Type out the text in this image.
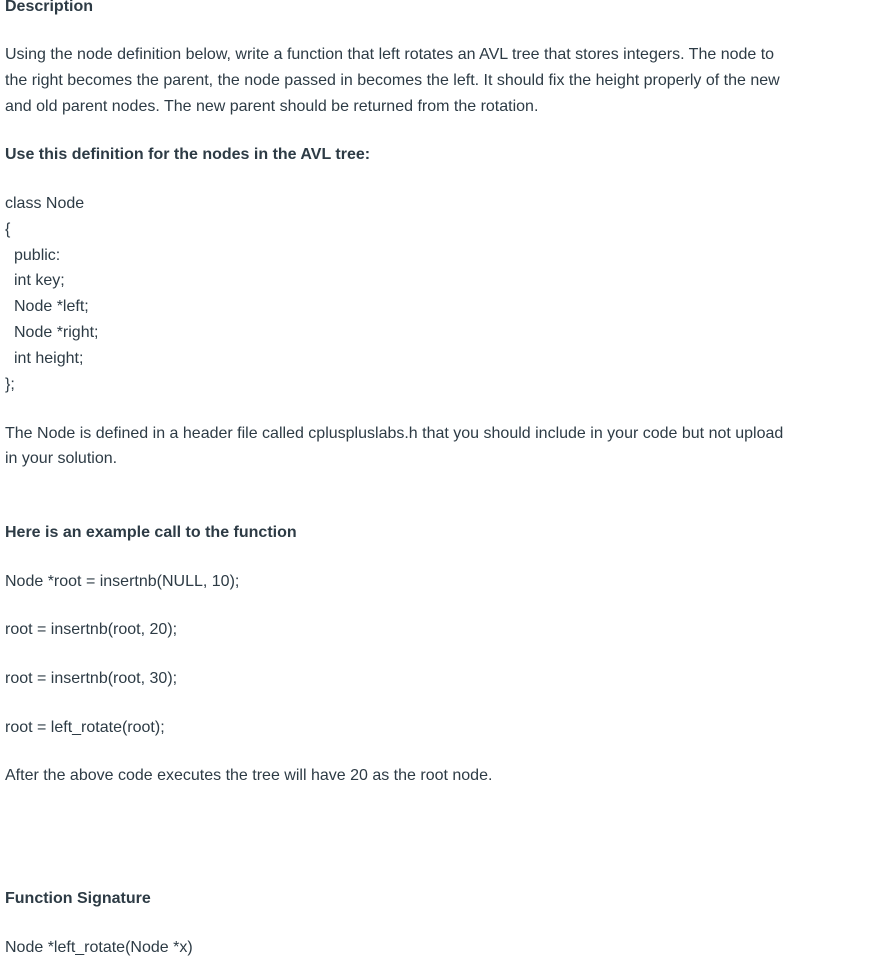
Description
Using the node definition below, write a function that left rotates an AVL tree that stores integers. The node to
the right becomes the parent, the node passed in becomes the left. It should fix the height properly of the new
and old parent nodes. The new parent should be returned from the rotation.
Use this definition for the nodes in the AVL tree:
class Node
{
public:
int key;
Node *left;
Node *right;
int height;
};
The Node is defined in a header file called cpluspluslabs.h that you should include in your code but not upload
in your solution.
Here is an example call to the function
Node *root = insertnb(NULL, 10);
root = insertnb(root, 20);
root = insertnb(root, 30);
root = left_rotate(root);
After the above code executes the tree will have 20 as the root node.
Function Signature
Node *left_rotate(Node *x)
